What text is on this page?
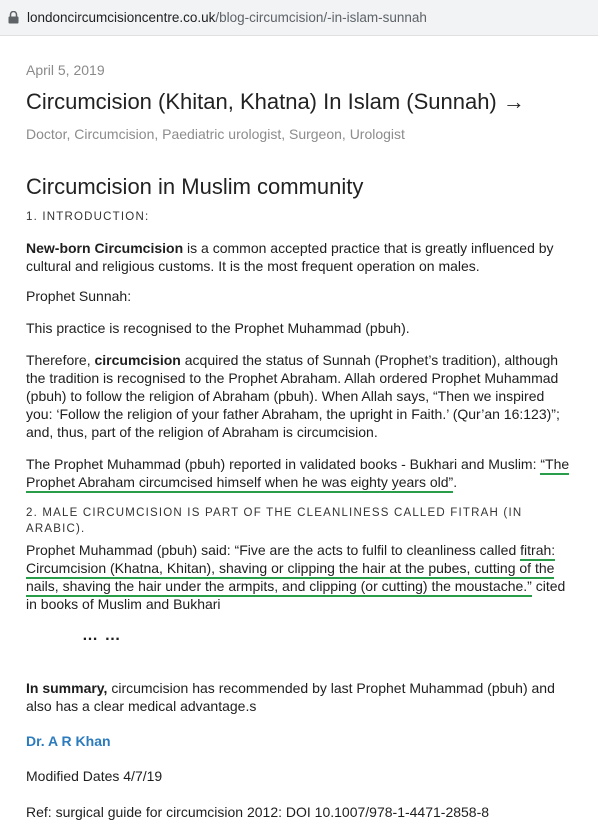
londoncircumcisioncentre.co.uk /blog-circumcision/-in-islam-sunnah
April 5, 2019
Circumcision (Khitan, Khatna) In Islam (Sunnah) →
Doctor, Circumcision, Paediatric urologist, Surgeon, Urologist
Circumcision in Muslim community
1. INTRODUCTION:

New-born Circumcision is a common accepted practice that is greatly influenced by cultural and religious customs. It is the most frequent operation on males.

Prophet Sunnah:

This practice is recognised to the Prophet Muhammad (pbuh).

Therefore, circumcision acquired the status of Sunnah (Prophet’s tradition), although the tradition is recognised to the Prophet Abraham. Allah ordered Prophet Muhammad (pbuh) to follow the religion of Abraham (pbuh). When Allah says, “Then we inspired you: ‘Follow the religion of your father Abraham, the upright in Faith.’ (Qur’an 16:123)”; and, thus, part of the religion of Abraham is circumcision.

The Prophet Muhammad (pbuh) reported in validated books - Bukhari and Muslim: “The Prophet Abraham circumcised himself when he was eighty years old”.

2. MALE CIRCUMCISION IS PART OF THE CLEANLINESS CALLED FITRAH (IN ARABIC).

Prophet Muhammad (pbuh) said: “Five are the acts to fulfil to cleanliness called fitrah: Circumcision (Khatna, Khitan), shaving or clipping the hair at the pubes, cutting of the nails, shaving the hair under the armpits, and clipping (or cutting) the moustache.” cited in books of Muslim and Bukhari

… …

In summary, circumcision has recommended by last Prophet Muhammad (pbuh) and also has a clear medical advantage.s

Dr. A R Khan

Modified Dates 4/7/19

Ref: surgical guide for circumcision 2012: DOI 10.1007/978-1-4471-2858-8
